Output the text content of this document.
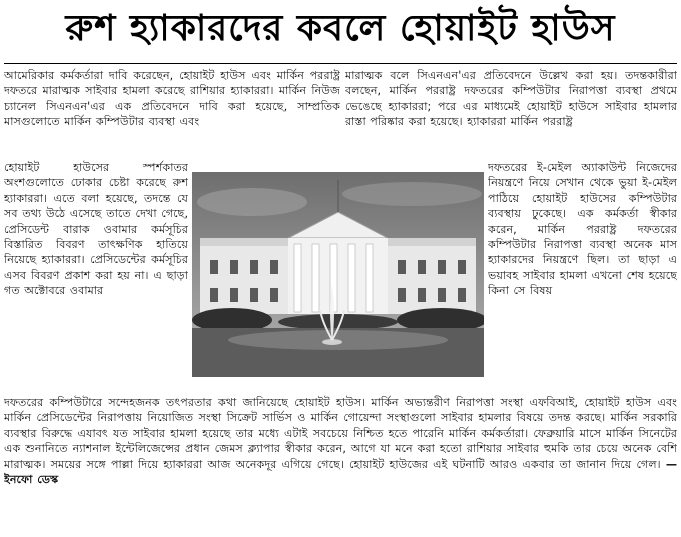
রুশ হ্যাকারদের কবলে হোয়াইট হাউস
আমেরিকার কর্মকর্তারা দাবি করেছেন, হোয়াইট হাউস এবং মার্কিন পররাষ্ট্র দফতরে মারাত্মক সাইবার হামলা করেছে রাশিয়ার হ্যাকাররা। মার্কিন নিউজ চ্যানেল সিএনএন'এর এক প্রতিবেদনে দাবি করা হয়েছে, সাম্প্রতিক মাসগুলোতে মার্কিন কম্পিউটার ব্যবস্থা এবং
মারাত্মক বলে সিএনএন'এর প্রতিবেদনে উল্লেখ করা হয়। তদন্তকারীরা বলছেন, মার্কিন পররাষ্ট্র দফতরের কম্পিউটার নিরাপত্তা ব্যবস্থা প্রথমে ভেঙেছে হ্যাকাররা; পরে এর মাধ্যমেই হোয়াইট হাউসে সাইবার হামলার রাস্তা পরিষ্কার করা হয়েছে। হ্যাকাররা মার্কিন পররাষ্ট্র
হোয়াইট হাউসের স্পর্শকাতর অংশগুলোতে ঢোকার চেষ্টা করেছে রুশ হ্যাকাররা। এতে বলা হয়েছে, তদন্তে যে সব তথ্য উঠে এসেছে তাতে দেখা গেছে, প্রেসিডেন্ট বারাক ওবামার কর্মসূচির বিস্তারিত বিবরণ তাৎক্ষণিক হাতিয়ে নিয়েছে হ্যাকাররা। প্রেসিডেন্টের কর্মসূচির এসব বিবরণ প্রকাশ করা হয় না। এ ছাড়া গত অক্টোবরে ওবামার
দফতরের ই-মেইল অ্যাকাউন্ট নিজেদের নিয়ন্ত্রণে নিয়ে সেখান থেকে ভুয়া ই-মেইল পাঠিয়ে হোয়াইট হাউসের কম্পিউটার ব্যবস্থায় ঢুকেছে। এক কর্মকর্তা স্বীকার করেন, মার্কিন পররাষ্ট্র দফতরের কম্পিউটার নিরাপত্তা ব্যবস্থা অনেক মাস হ্যাকারদের নিয়ন্ত্রণে ছিল। তা ছাড়া এ ভয়াবহ সাইবার হামলা এখনো শেষ হয়েছে কিনা সে বিষয়
দফতরের কম্পিউটারে সন্দেহজনক তৎপরতার কথা জানিয়েছে হোয়াইট হাউস। মার্কিন অভ্যন্তরীণ নিরাপত্তা সংস্থা এফবিআই, হোয়াইট হাউস এবং মার্কিন প্রেসিডেন্টের নিরাপত্তায় নিয়োজিত সংস্থা সিক্রেট সার্ভিস ও মার্কিন গোয়েন্দা সংস্থাগুলো সাইবার হামলার বিষয়ে তদন্ত করছে। মার্কিন সরকারি ব্যবস্থার বিরুদ্ধে এযাবৎ যত সাইবার হামলা হয়েছে তার মধ্যে এটাই সবচেয়ে নিশ্চিত হতে পারেনি মার্কিন কর্মকর্তারা। ফেব্রুয়ারি মাসে মার্কিন সিনেটের এক শুনানিতে ন্যাশনাল ইন্টেলিজেন্সের প্রধান জেমস ক্ল্যাপার স্বীকার করেন, আগে যা মনে করা হতো রাশিয়ার সাইবার হুমকি তার চেয়ে অনেক বেশি মারাত্মক। সময়ের সঙ্গে পাল্লা দিয়ে হ্যাকাররা আজ অনেকদূর এগিয়ে গেছে। হোয়াইট হাউজের এই ঘটনাটি আরও একবার তা জানান দিয়ে গেল। —ইনফো ডেস্ক
